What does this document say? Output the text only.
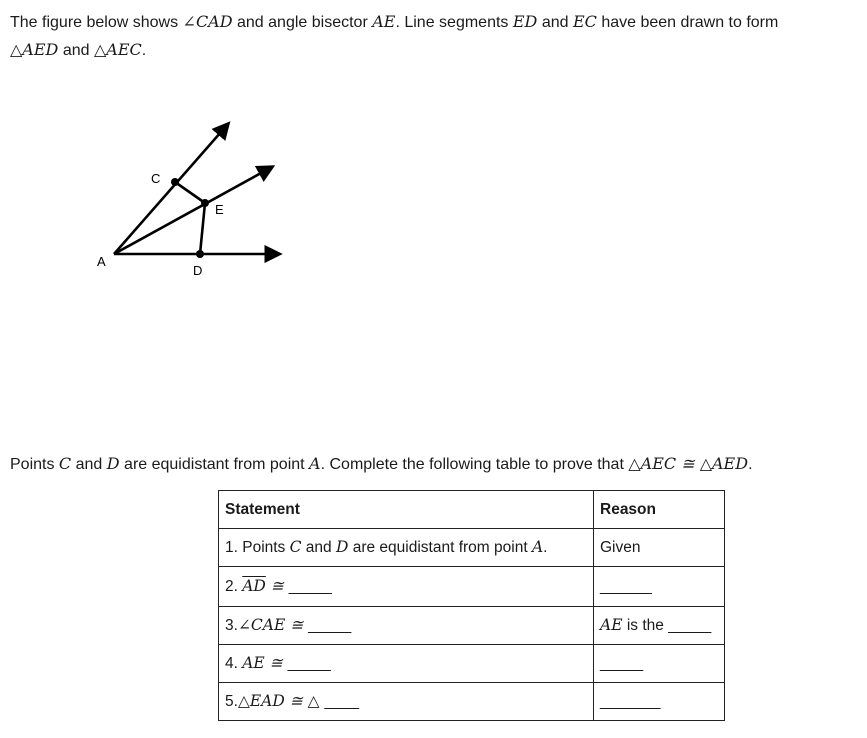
The figure below shows ∠CAD and angle bisector AE. Line segments ED and EC have been drawn to form
△AED and △AEC.
A
C
E
D
Points C and D are equidistant from point A. Complete the following table to prove that △AEC ≅ △AED.
Statement	Reason
1. Points C and D are equidistant from point A.	Given
2. $\overline{AD}$ ≅ _____	______
3.∠CAE ≅ _____	AE is the _____
4. AE ≅ _____	_____
5.△EAD ≅ △ ____	_______
